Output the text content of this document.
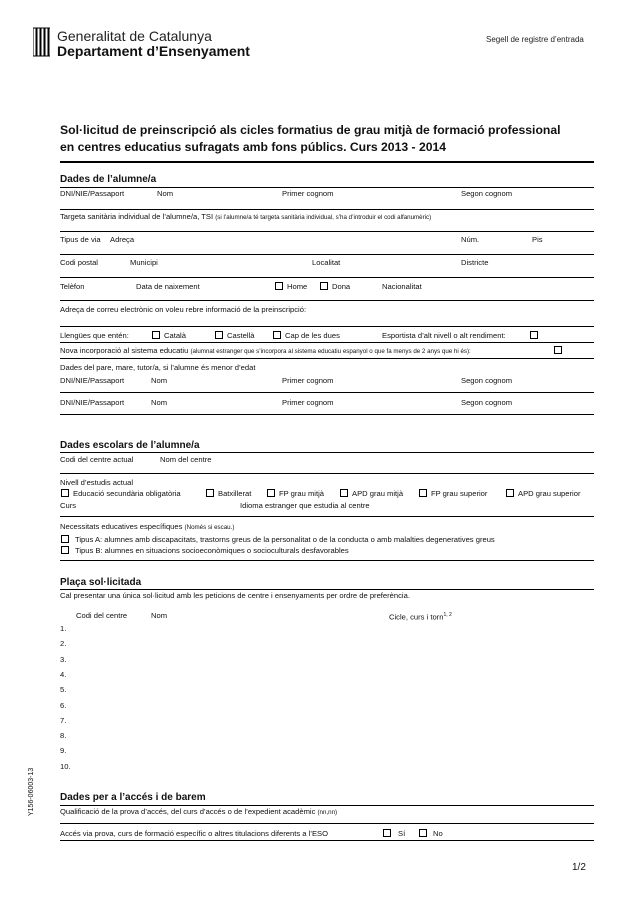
Generalitat de Catalunya
Departament d’Ensenyament
Segell de registre d’entrada
Sol·licitud de preinscripció als cicles formatius de grau mitjà de formació professional
en centres educatius sufragats amb fons públics. Curs 2013 - 2014
Dades de l’alumne/a
DNI/NIE/Passaport	Nom	Primer cognom	Segon cognom
Targeta sanitària individual de l’alumne/a, TSI (si l’alumne/a té targeta sanitària individual, s’ha d’introduir el codi alfanumèric)
Tipus de via Adreça	Núm.	Pis
Codi postal	Municipi	Localitat	Districte
Telèfon	Data de naixement	Home	Dona	Nacionalitat
Adreça de correu electrònic on voleu rebre informació de la preinscripció:
Llengües que entén:	Català	Castellà	Cap de les dues	Esportista d’alt nivell o alt rendiment:
Nova incorporació al sistema educatiu (alumnat estranger que s’incorpora al sistema educatiu espanyol o que fa menys de 2 anys que hi és):
Dades del pare, mare, tutor/a, si l’alumne és menor d’edat
DNI/NIE/Passaport	Nom	Primer cognom	Segon cognom
DNI/NIE/Passaport	Nom	Primer cognom	Segon cognom
Dades escolars de l’alumne/a
Codi del centre actual	Nom del centre
Nivell d’estudis actual
Educació secundària obligatòria	Batxillerat	FP grau mitjà	APD grau mitjà	FP grau superior	APD grau superior
Curs	Idioma estranger que estudia al centre
Necessitats educatives específiques (Només si escau.)
Tipus A: alumnes amb discapacitats, trastorns greus de la personalitat o de la conducta o amb malalties degeneratives greus
Tipus B: alumnes en situacions socioeconòmiques o socioculturals desfavorables
Plaça sol·licitada
Cal presentar una única sol·licitud amb les peticions de centre i ensenyaments per ordre de preferència.
Codi del centre	Nom	Cicle, curs i torn$^{1, 2}$
1.
2.
3.
4.
5.
6.
7.
8.
9.
10.
Dades per a l’accés i de barem
Qualificació de la prova d’accés, del curs d’accés o de l’expedient acadèmic (nn,nn)
Accés via prova, curs de formació específic o altres titulacions diferents a l’ESO	Sí	No
Y156-06003-13
1/2
